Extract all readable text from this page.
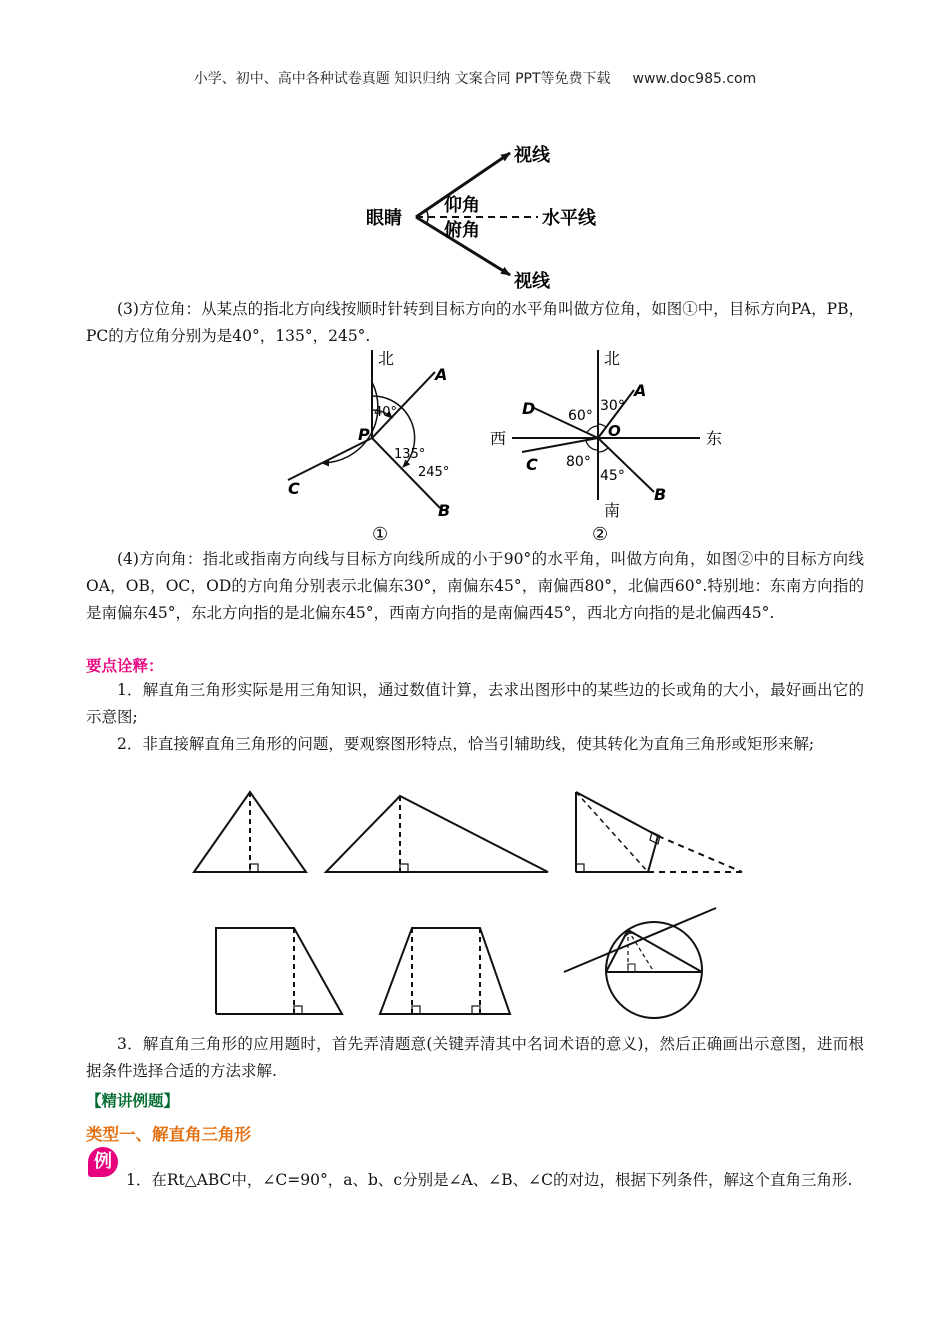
小学、初中、高中各种试卷真题 知识归纳 文案合同 PPT等免费下载 www.doc985.com
眼睛
仰角
俯角
水平线
视线
视线

(3)方位角：从某点的指北方向线按顺时针转到目标方向的水平角叫做方位角，如图①中，目标方向PA，PB，PC的方位角分别为是40°，135°，245°.

北
A
P
B
C
40°
135°
245°
①
北
南
西	东
A
B
C
D
O
30°
60°
80°
45°
②

(4)方向角：指北或指南方向线与目标方向线所成的小于90°的水平角，叫做方向角，如图②中的目标方向线OA，OB，OC，OD的方向角分别表示北偏东30°，南偏东45°，南偏西80°，北偏西60°.特别地：东南方向指的是南偏东45°，东北方向指的是北偏东45°，西南方向指的是南偏西45°，西北方向指的是北偏西45°.

要点诠释：

1．解直角三角形实际是用三角知识，通过数值计算，去求出图形中的某些边的长或角的大小，最好画出它的示意图;

2．非直接解直角三角形的问题，要观察图形特点，恰当引辅助线，使其转化为直角三角形或矩形来解;

3．解直角三角形的应用题时，首先弄清题意(关键弄清其中名词术语的意义)，然后正确画出示意图，进而根据条件选择合适的方法求解.

【精讲例题】
类型一、解直角三角形
例

1．在Rt△ABC中，∠C=90°，a、b、c分别是∠A、∠B、∠C的对边，根据下列条件，解这个直角三角形.
